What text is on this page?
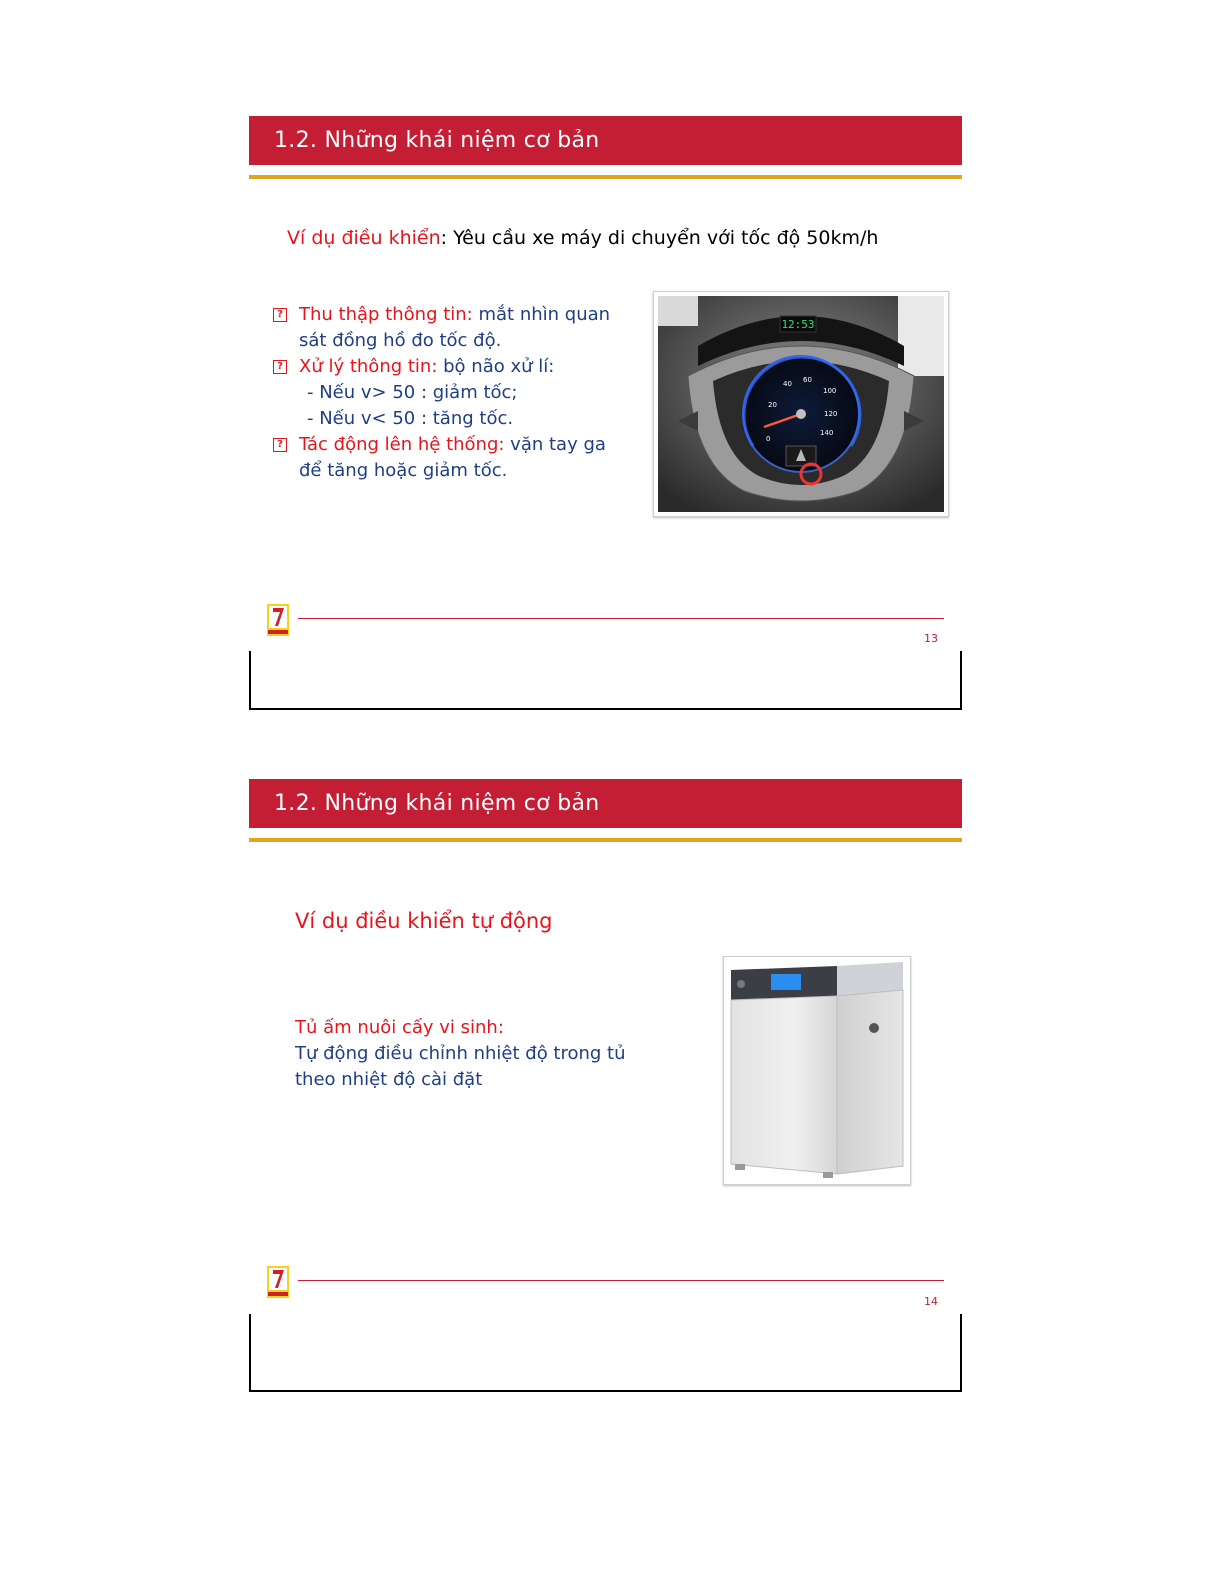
1.2. Những khái niệm cơ bản
Ví dụ điều khiển: Yêu cầu xe máy di chuyển với tốc độ 50km/h
? Thu thập thông tin: mắt nhìn quan
sát đồng hồ đo tốc độ.
? Xử lý thông tin: bộ não xử lí:
- Nếu v> 50 : giảm tốc;
- Nếu v< 50 : tăng tốc.
? Tác động lên hệ thống: vặn tay ga
để tăng hoặc giảm tốc.
12:53
0
20
40 60
100
120
140
13
1.2. Những khái niệm cơ bản
Ví dụ điều khiển tự động
Tủ ấm nuôi cấy vi sinh:
Tự động điều chỉnh nhiệt độ trong tủ
theo nhiệt độ cài đặt
14
